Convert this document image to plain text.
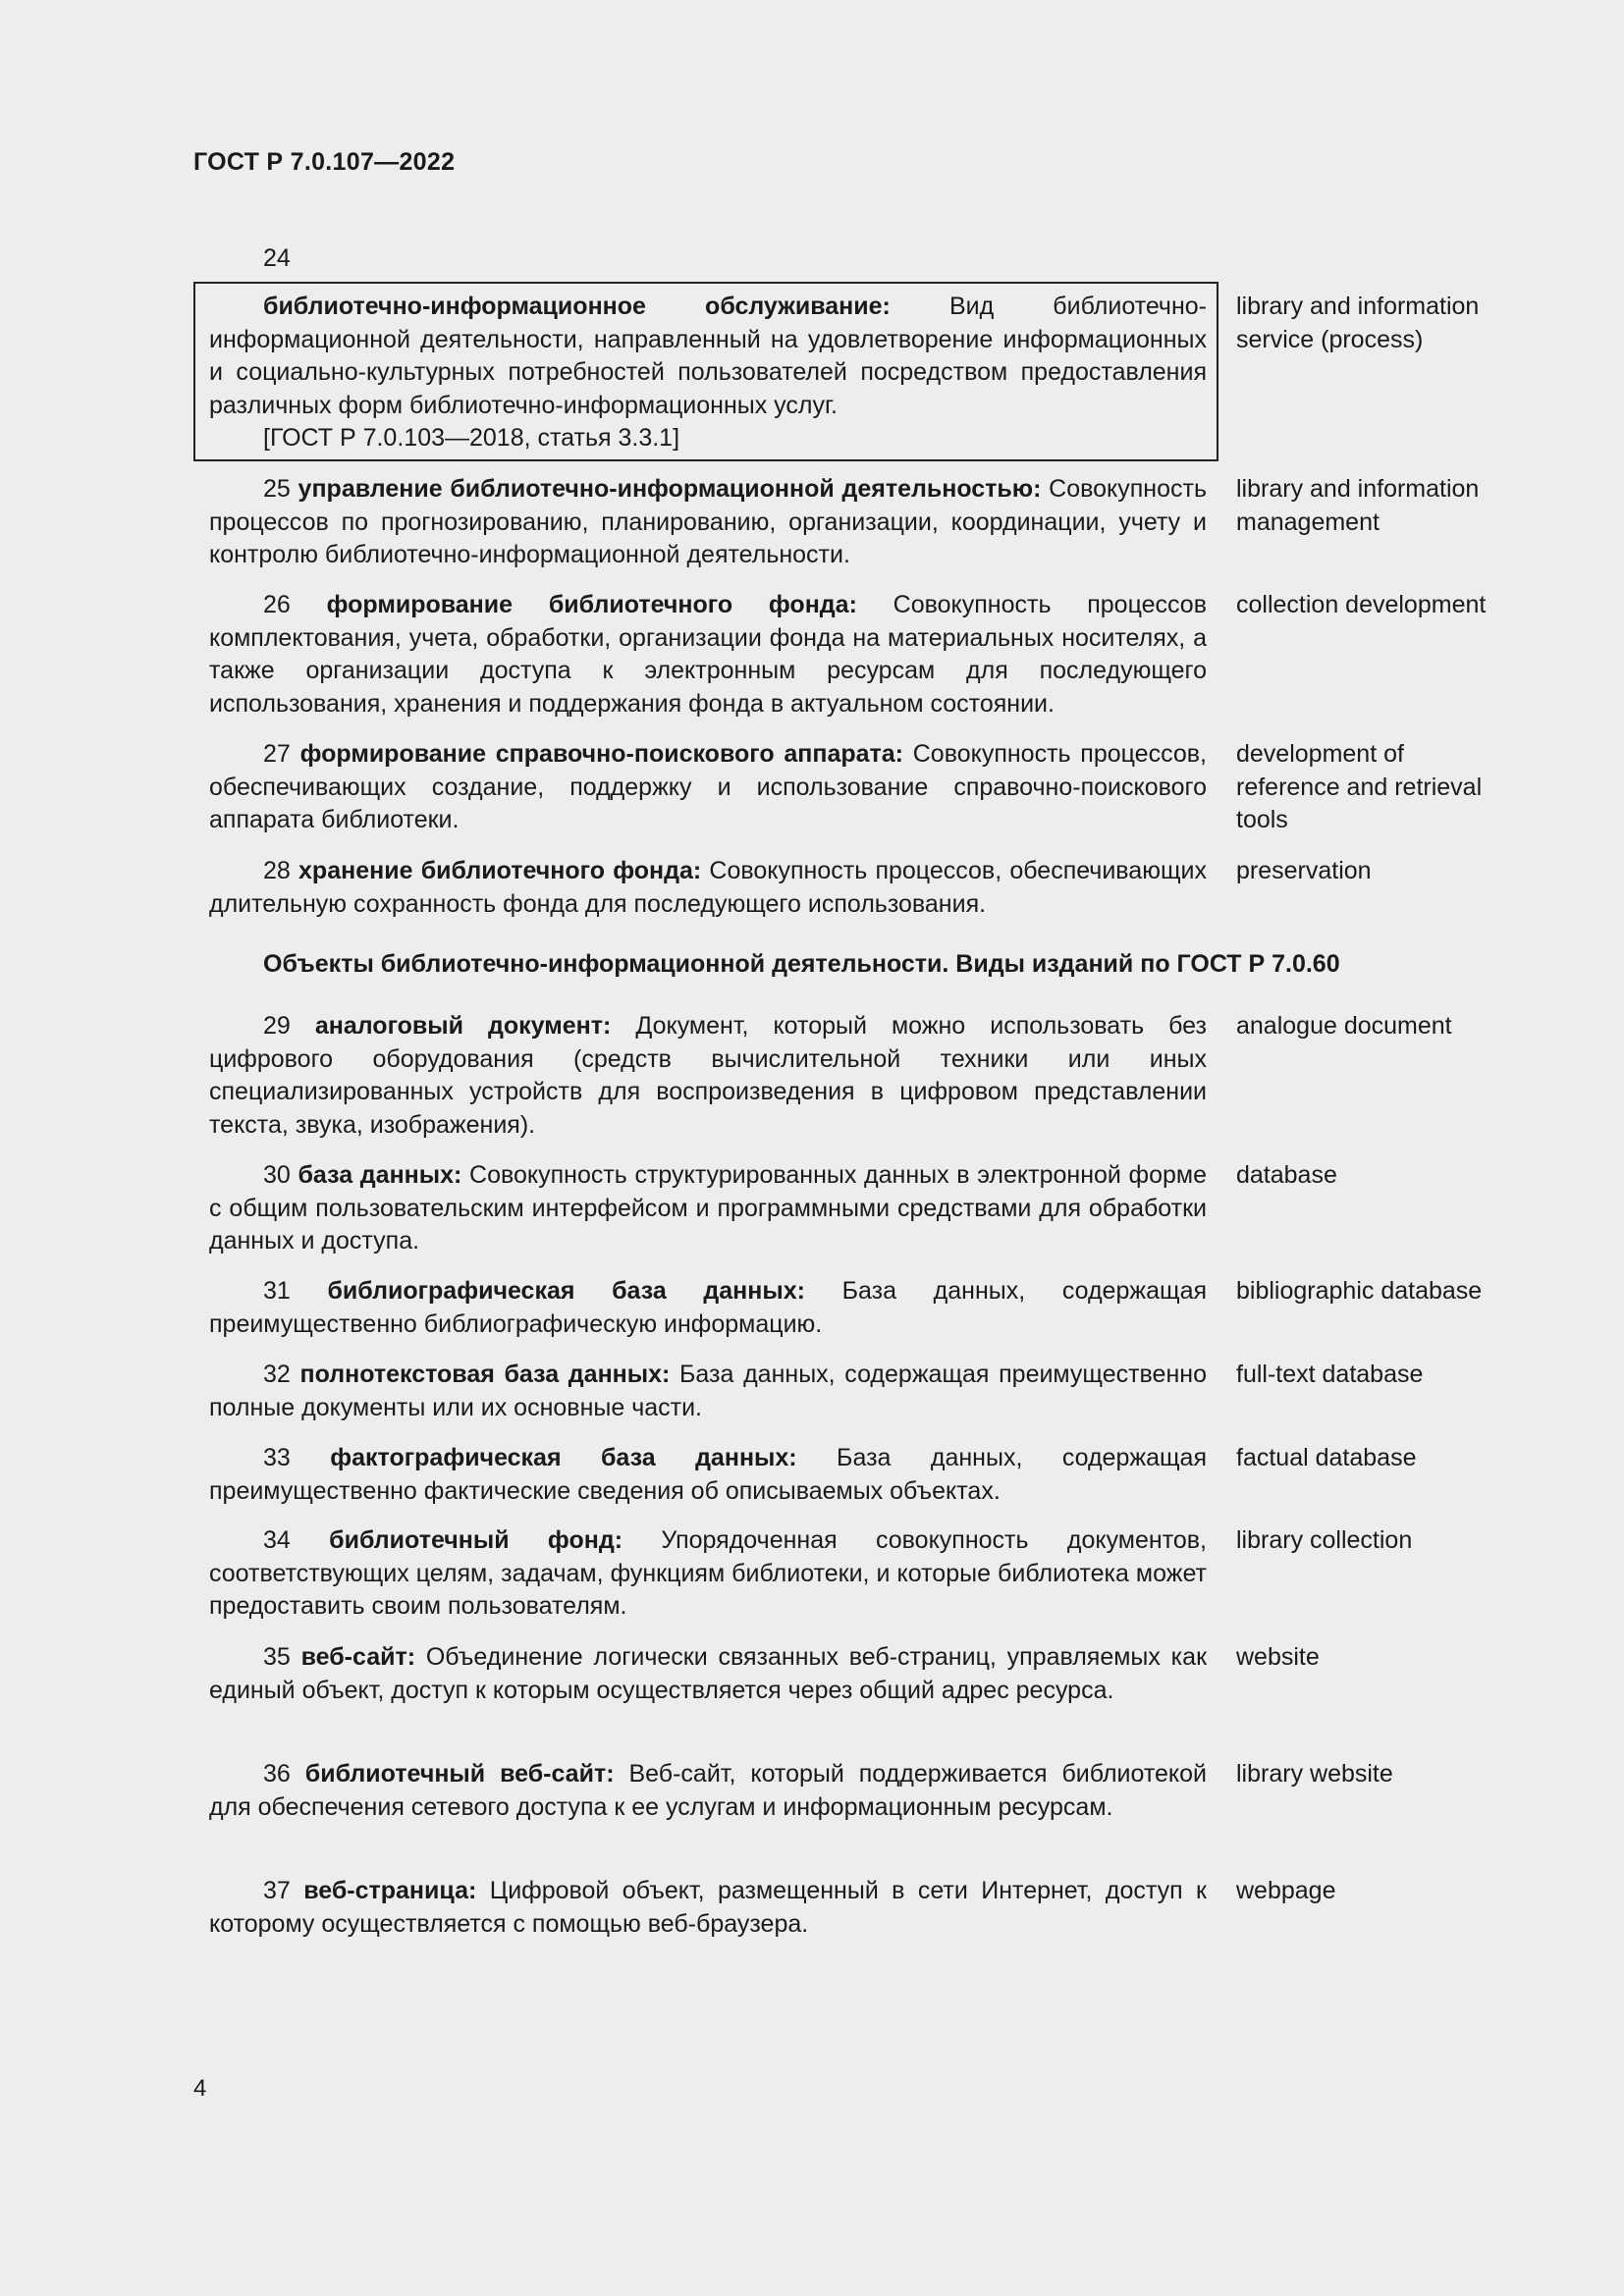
ГОСТ Р 7.0.107—2022
24
библиотечно-информационное обслуживание: Вид библиотечно-информационной деятельности, направленный на удовлетворение информационных и социально-культурных потребностей пользователей посредством предоставления различных форм библиотечно-информационных услуг.
[ГОСТ Р 7.0.103—2018, статья 3.3.1]
library and information service (process)
25 управление библиотечно-информационной деятельностью: Совокупность процессов по прогнозированию, планированию, организации, координации, учету и контролю библиотечно-информационной деятельности.
library and information management
26 формирование библиотечного фонда: Совокупность процессов комплектования, учета, обработки, организации фонда на материальных носителях, а также организации доступа к электронным ресурсам для последующего использования, хранения и поддержания фонда в актуальном состоянии.
collection development
27 формирование справочно-поискового аппарата: Совокупность процессов, обеспечивающих создание, поддержку и использование справочно-поискового аппарата библиотеки.
development of reference and retrieval tools
28 хранение библиотечного фонда: Совокупность процессов, обеспечивающих длительную сохранность фонда для последующего использования.
preservation
Объекты библиотечно-информационной деятельности. Виды изданий по ГОСТ Р 7.0.60
29 аналоговый документ: Документ, который можно использовать без цифрового оборудования (средств вычислительной техники или иных специализированных устройств для воспроизведения в цифровом представлении текста, звука, изображения).
analogue document
30 база данных: Совокупность структурированных данных в электронной форме с общим пользовательским интерфейсом и программными средствами для обработки данных и доступа.
database
31 библиографическая база данных: База данных, содержащая преимущественно библиографическую информацию.
bibliographic database
32 полнотекстовая база данных: База данных, содержащая преимущественно полные документы или их основные части.
full-text database
33 фактографическая база данных: База данных, содержащая преимущественно фактические сведения об описываемых объектах.
factual database
34 библиотечный фонд: Упорядоченная совокупность документов, соответствующих целям, задачам, функциям библиотеки, и которые библиотека может предоставить своим пользователям.
library collection
35 веб-сайт: Объединение логически связанных веб-страниц, управляемых как единый объект, доступ к которым осуществляется через общий адрес ресурса.
website
36 библиотечный веб-сайт: Веб-сайт, который поддерживается библиотекой для обеспечения сетевого доступа к ее услугам и информационным ресурсам.
library website
37 веб-страница: Цифровой объект, размещенный в сети Интернет, доступ к которому осуществляется с помощью веб-браузера.
webpage
4
